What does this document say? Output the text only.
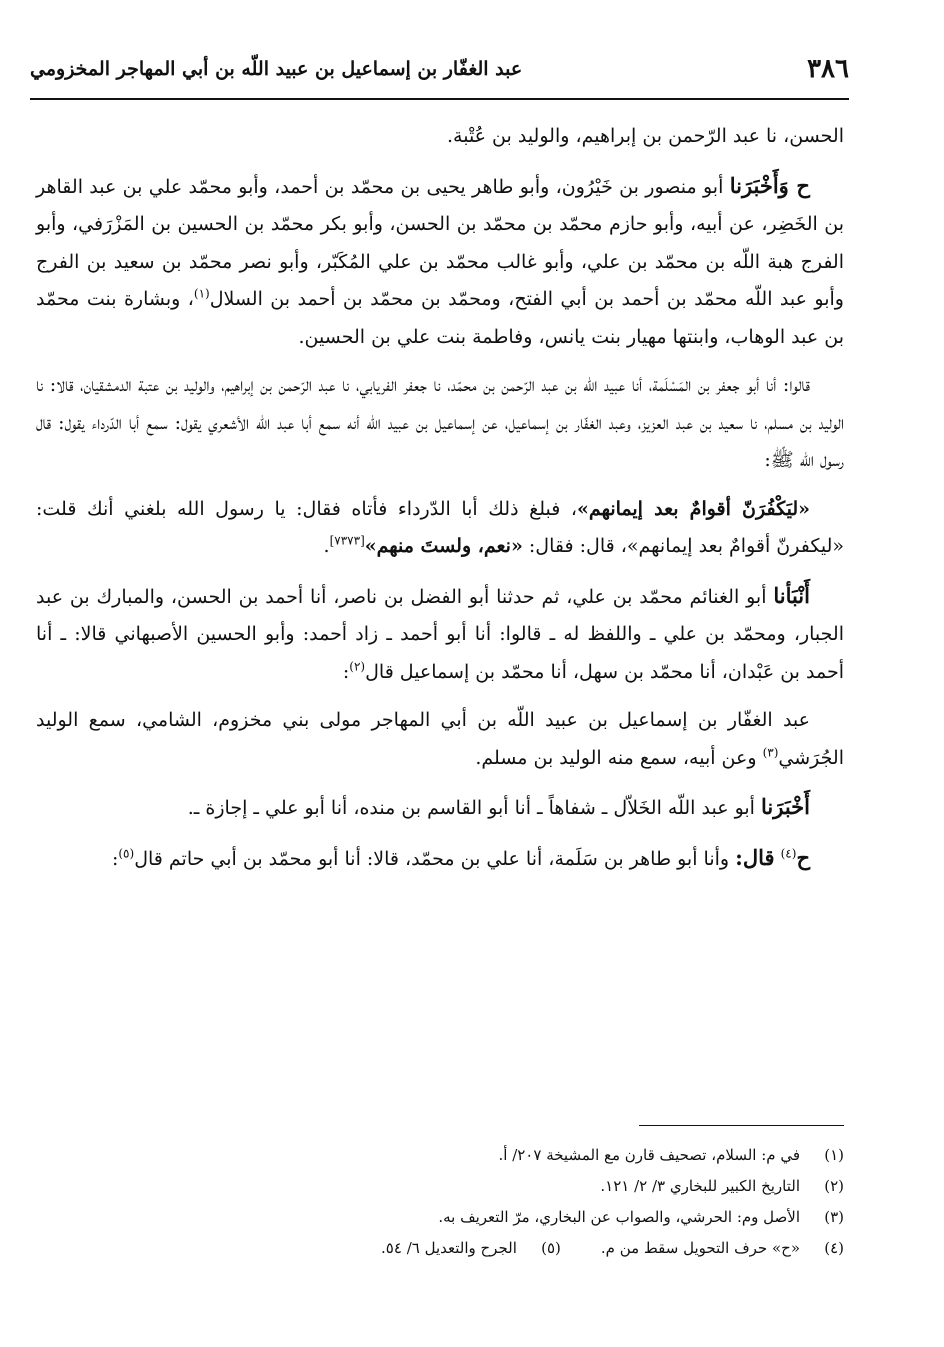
٣٨٦
عبد الغفّار بن إسماعيل بن عبيد اللّه بن أبي المهاجر المخزومي

الحسن، نا عبد الرّحمن بن إبراهيم، والوليد بن عُتْبة.

ح وَأَخْبَرَنا أبو منصور بن خَيْرُون، وأبو طاهر يحيى بن محمّد بن أحمد، وأبو محمّد علي بن عبد القاهر بن الخَضِر، عن أبيه، وأبو حازم محمّد بن محمّد بن الحسن، وأبو بكر محمّد بن الحسين بن المَزْرَفي، وأبو الفرج هبة اللّه بن محمّد بن علي، وأبو غالب محمّد بن علي المُكَبّر، وأبو نصر محمّد بن سعيد بن الفرج وأبو عبد اللّه محمّد بن أحمد بن أبي الفتح، ومحمّد بن محمّد بن أحمد بن السلال$^{(١)}$، وبشارة بنت محمّد بن عبد الوهاب، وابنتها مهيار بنت يانس، وفاطمة بنت علي بن الحسين.

قالوا: أنا أبو جعفر بن المَسْلَمة، أنا عبيد اللّه بن عبد الرّحمن بن محمّد، نا جعفر الفريابي، نا عبد الرّحمن بن إبراهيم، والوليد بن عتبة الدمشقيان، قالا: نا الوليد بن مسلم، نا سعيد بن عبد العزيز، وعبد الغفّار بن إسماعيل، عن إسماعيل بن عبيد اللّه أنه سمع أبا عبد اللّه الأشعري يقول: سمع أبا الدّرداء يقول: قال رسول الله ﷺ:

«ليَكْفُرَنّ أقوامٌ بعد إيمانهم»، فبلغ ذلك أبا الدّرداء فأتاه فقال: يا رسول الله بلغني أنك قلت: «ليكفرنّ أقوامٌ بعد إيمانهم»، قال: فقال: «نعم، ولستَ منهم»[٧٣٧٣].

أَنْبَأنا أبو الغنائم محمّد بن علي، ثم حدثنا أبو الفضل بن ناصر، أنا أحمد بن الحسن، والمبارك بن عبد الجبار، ومحمّد بن علي ـ واللفظ له ـ قالوا: أنا أبو أحمد ـ زاد أحمد: وأبو الحسين الأصبهاني قالا: ـ أنا أحمد بن عَبْدان، أنا محمّد بن سهل، أنا محمّد بن إسماعيل قال$^{(٢)}$:

عبد الغفّار بن إسماعيل بن عبيد اللّه بن أبي المهاجر مولى بني مخزوم، الشامي، سمع الوليد الجُرَشي$^{(٣)}$ وعن أبيه، سمع منه الوليد بن مسلم.

أَخْبَرَنا أبو عبد اللّه الخَلاّل ـ شفاهاً ـ أنا أبو القاسم بن منده، أنا أبو علي ـ إجازة ـ.

ح$^{(٤)}$ قال: وأنا أبو طاهر بن سَلَمة، أنا علي بن محمّد، قالا: أنا أبو محمّد بن أبي حاتم قال$^{(٥)}$:

(١)
في م: السلام، تصحيف قارن مع المشيخة ٢٠٧/ أ.
(٢)
التاريخ الكبير للبخاري ٣/ ٢/ ١٢١.
(٣)
الأصل وم: الحرشي، والصواب عن البخاري، مرّ التعريف به.
(٤)
«ح» حرف التحويل سقط من م.
(٥)
الجرح والتعديل ٦/ ٥٤.
